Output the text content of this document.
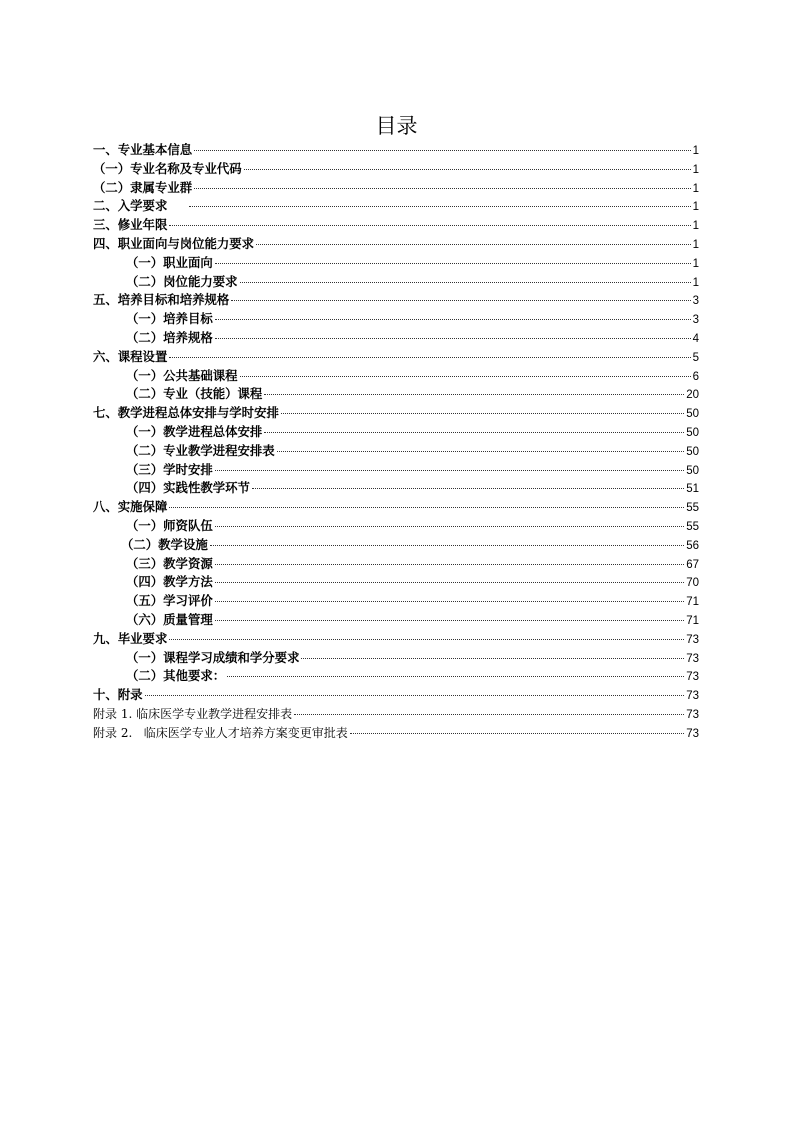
目录
一、专业基本信息	1
（一）专业名称及专业代码	1
（二）隶属专业群	1
二、入学要求	1
三、修业年限	1
四、职业面向与岗位能力要求	1
（一）职业面向	1
（二）岗位能力要求	1
五、培养目标和培养规格	3
（一）培养目标	3
（二）培养规格	4
六、课程设置	5
（一）公共基础课程	6
（二）专业（技能）课程	20
七、教学进程总体安排与学时安排	50
（一）教学进程总体安排	50
（二）专业教学进程安排表	50
（三）学时安排	50
（四）实践性教学环节	51
八、实施保障	55
（一）师资队伍	55
（二）教学设施	56
（三）教学资源	67
（四）教学方法	70
（五）学习评价	71
（六）质量管理	71
九、毕业要求	73
（一）课程学习成绩和学分要求	73
（二）其他要求：	73
十、附录	73
附录 1. 临床医学专业教学进程安排表	73
附录 2.   临床医学专业人才培养方案变更审批表	73
